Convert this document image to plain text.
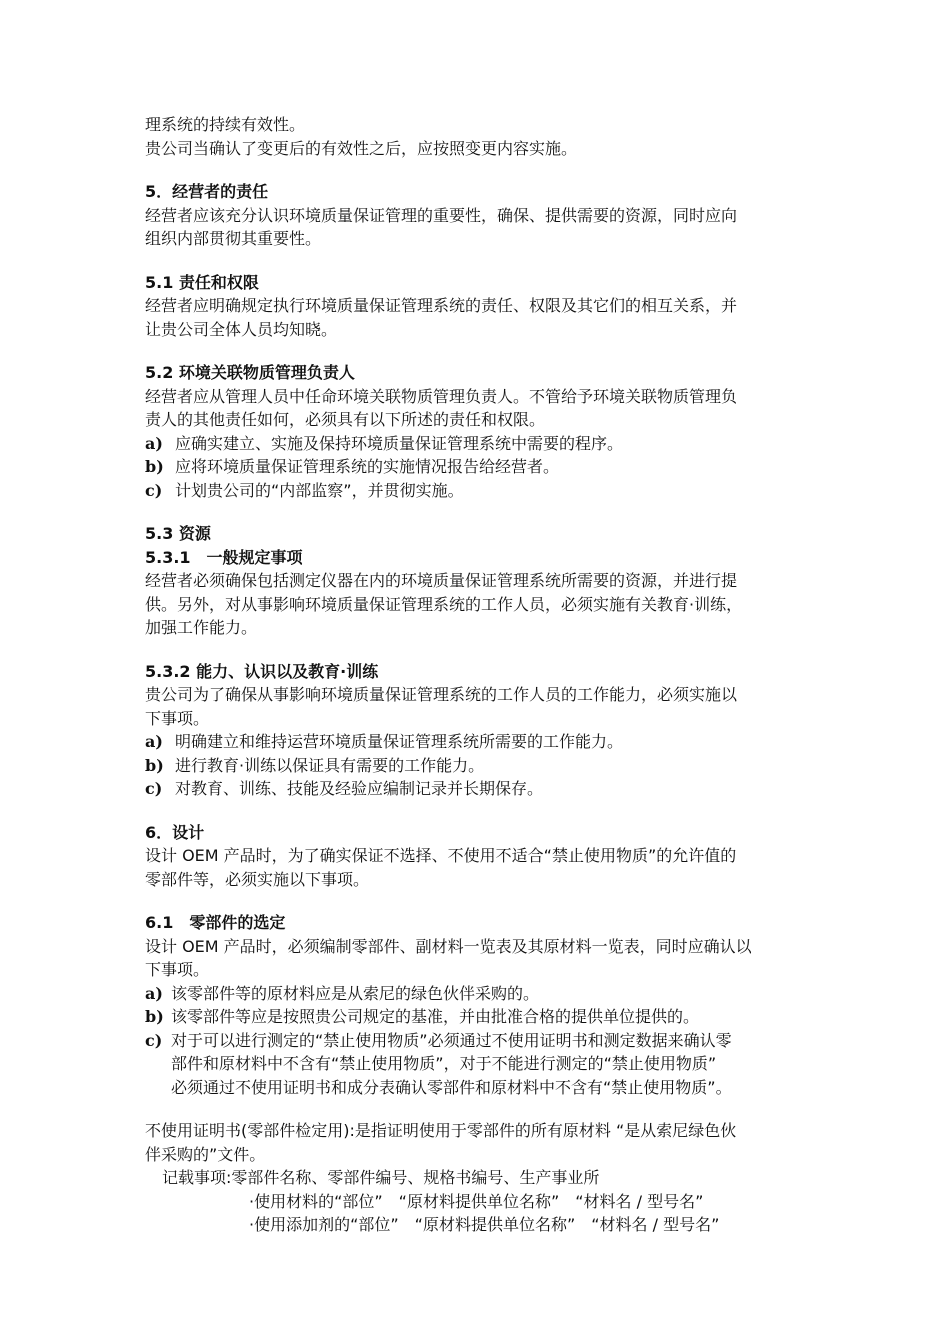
理系统的持续有效性。
贵公司当确认了变更后的有效性之后，应按照变更内容实施。
5．经营者的责任
经营者应该充分认识环境质量保证管理的重要性，确保、提供需要的资源，同时应向
组织内部贯彻其重要性。
5.1 责任和权限
经营者应明确规定执行环境质量保证管理系统的责任、权限及其它们的相互关系，并
让贵公司全体人员均知晓。
5.2 环境关联物质管理负责人
经营者应从管理人员中任命环境关联物质管理负责人。不管给予环境关联物质管理负
责人的其他责任如何，必须具有以下所述的责任和权限。
a) 应确实建立、实施及保持环境质量保证管理系统中需要的程序。
b) 应将环境质量保证管理系统的实施情况报告给经营者。
c) 计划贵公司的“内部监察”，并贯彻实施。
5.3 资源
5.3.1　一般规定事项
经营者必须确保包括测定仪器在内的环境质量保证管理系统所需要的资源，并进行提
供。另外，对从事影响环境质量保证管理系统的工作人员，必须实施有关教育·训练，
加强工作能力。
5.3.2 能力、认识以及教育·训练
贵公司为了确保从事影响环境质量保证管理系统的工作人员的工作能力，必须实施以
下事项。
a) 明确建立和维持运营环境质量保证管理系统所需要的工作能力。
b) 进行教育·训练以保证具有需要的工作能力。
c) 对教育、训练、技能及经验应编制记录并长期保存。
6．设计
设计 OEM 产品时，为了确实保证不选择、不使用不适合“禁止使用物质”的允许值的
零部件等，必须实施以下事项。
6.1　零部件的选定
设计 OEM 产品时，必须编制零部件、副材料一览表及其原材料一览表，同时应确认以
下事项。
a) 该零部件等的原材料应是从索尼的绿色伙伴采购的。
b) 该零部件等应是按照贵公司规定的基准，并由批准合格的提供单位提供的。
c) 对于可以进行测定的“禁止使用物质”必须通过不使用证明书和测定数据来确认零
部件和原材料中不含有“禁止使用物质”，对于不能进行测定的“禁止使用物质”
必须通过不使用证明书和成分表确认零部件和原材料中不含有“禁止使用物质”。
不使用证明书(零部件检定用):是指证明使用于零部件的所有原材料 “是从索尼绿色伙
伴采购的”文件。
记载事项:零部件名称、零部件编号、规格书编号、生产事业所
·使用材料的“部位”　“原材料提供单位名称”　“材料名 / 型号名”
·使用添加剂的“部位”　“原材料提供单位名称”　“材料名 / 型号名”
